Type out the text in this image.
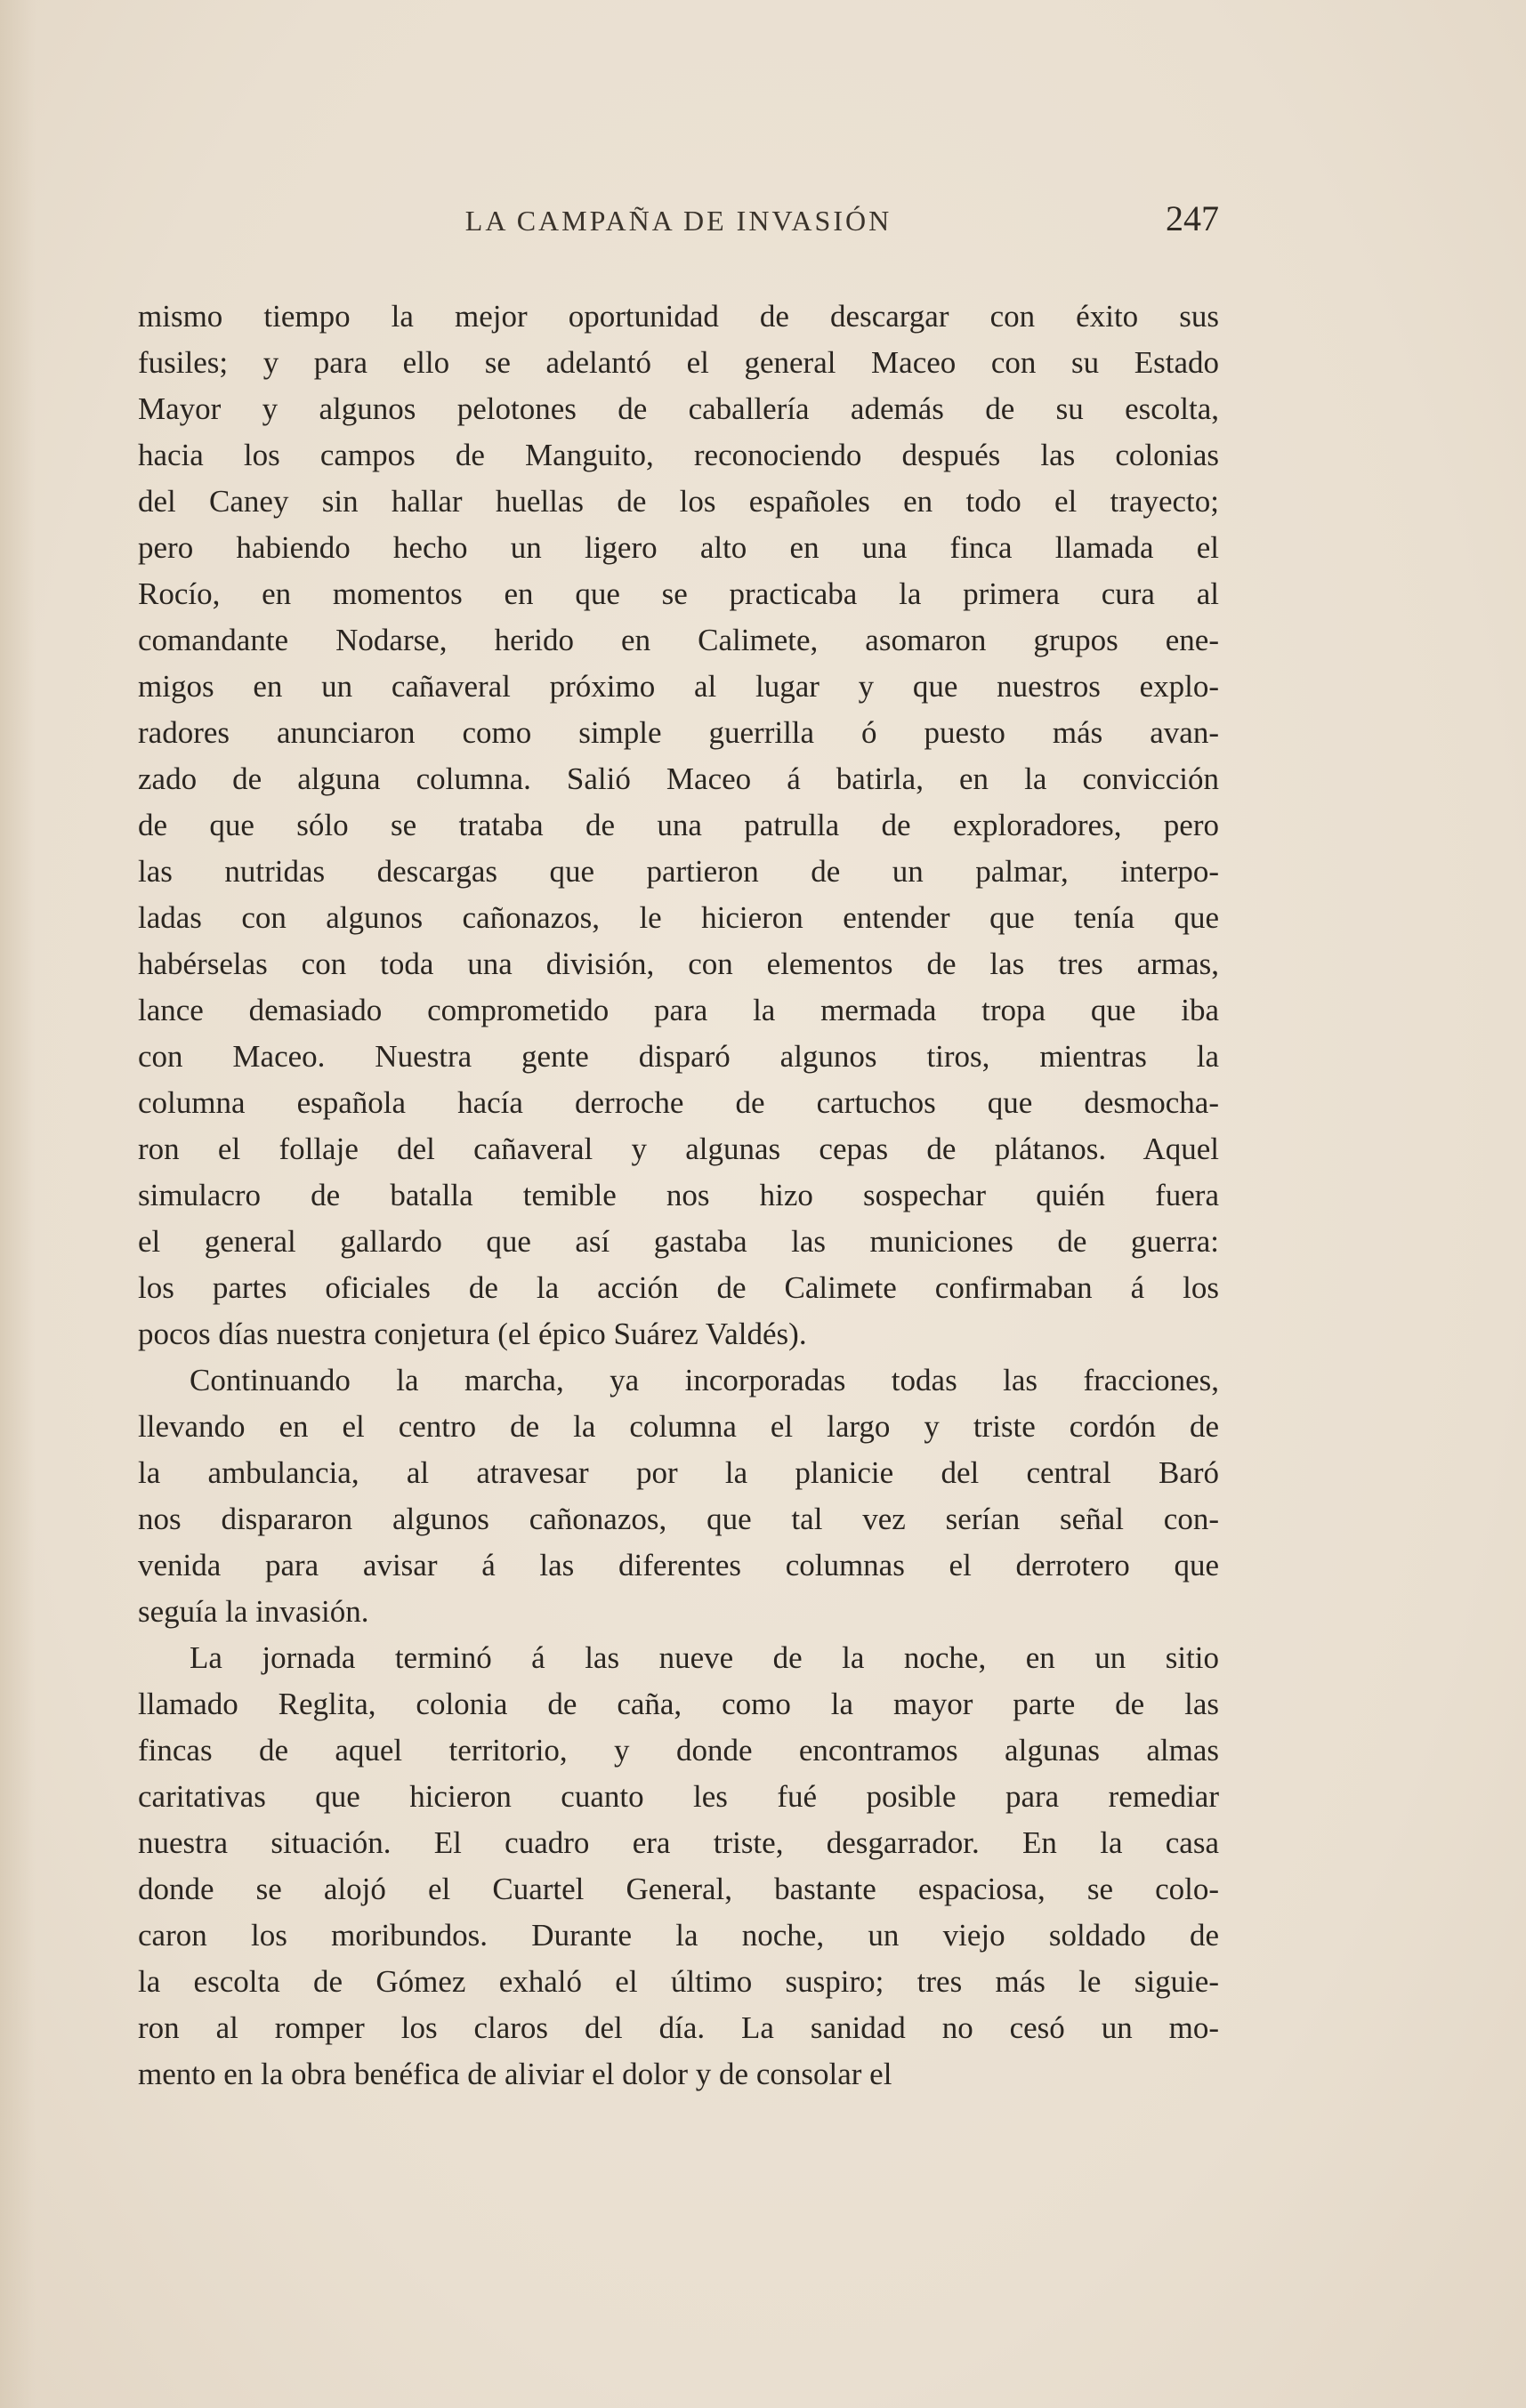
LA CAMPAÑA DE INVASIÓN	247
mismo tiempo la mejor oportunidad de descargar con éxito sus
fusiles; y para ello se adelantó el general Maceo con su Estado
Mayor y algunos pelotones de caballería además de su escolta,
hacia los campos de Manguito, reconociendo después las colonias
del Caney sin hallar huellas de los españoles en todo el trayecto;
pero habiendo hecho un ligero alto en una finca llamada el
Rocío, en momentos en que se practicaba la primera cura al
comandante Nodarse, herido en Calimete, asomaron grupos ene-
migos en un cañaveral próximo al lugar y que nuestros explo-
radores anunciaron como simple guerrilla ó puesto más avan-
zado de alguna columna. Salió Maceo á batirla, en la convicción
de que sólo se trataba de una patrulla de exploradores, pero
las nutridas descargas que partieron de un palmar, interpo-
ladas con algunos cañonazos, le hicieron entender que tenía que
habérselas con toda una división, con elementos de las tres armas,
lance demasiado comprometido para la mermada tropa que iba
con Maceo. Nuestra gente disparó algunos tiros, mientras la
columna española hacía derroche de cartuchos que desmocha-
ron el follaje del cañaveral y algunas cepas de plátanos. Aquel
simulacro de batalla temible nos hizo sospechar quién fuera
el general gallardo que así gastaba las municiones de guerra:
los partes oficiales de la acción de Calimete confirmaban á los
pocos días nuestra conjetura (el épico Suárez Valdés).
Continuando la marcha, ya incorporadas todas las fracciones,
llevando en el centro de la columna el largo y triste cordón de
la ambulancia, al atravesar por la planicie del central Baró
nos dispararon algunos cañonazos, que tal vez serían señal con-
venida para avisar á las diferentes columnas el derrotero que
seguía la invasión.
La jornada terminó á las nueve de la noche, en un sitio
llamado Reglita, colonia de caña, como la mayor parte de las
fincas de aquel territorio, y donde encontramos algunas almas
caritativas que hicieron cuanto les fué posible para remediar
nuestra situación. El cuadro era triste, desgarrador. En la casa
donde se alojó el Cuartel General, bastante espaciosa, se colo-
caron los moribundos. Durante la noche, un viejo soldado de
la escolta de Gómez exhaló el último suspiro; tres más le siguie-
ron al romper los claros del día. La sanidad no cesó un mo-
mento en la obra benéfica de aliviar el dolor y de consolar el
